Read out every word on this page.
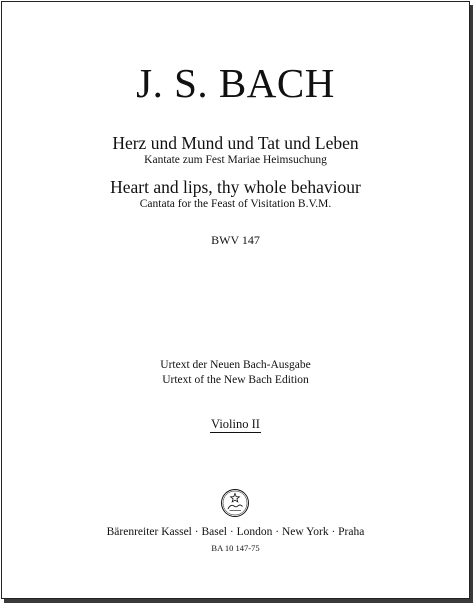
J. S. BACH
Herz und Mund und Tat und Leben
Kantate zum Fest Mariae Heimsuchung
Heart and lips, thy whole behaviour
Cantata for the Feast of Visitation B.V.M.
BWV 147
Urtext der Neuen Bach-Ausgabe
Urtext of the New Bach Edition
Violino II
Bärenreiter Kassel · Basel · London · New York · Praha
BA 10 147-75
